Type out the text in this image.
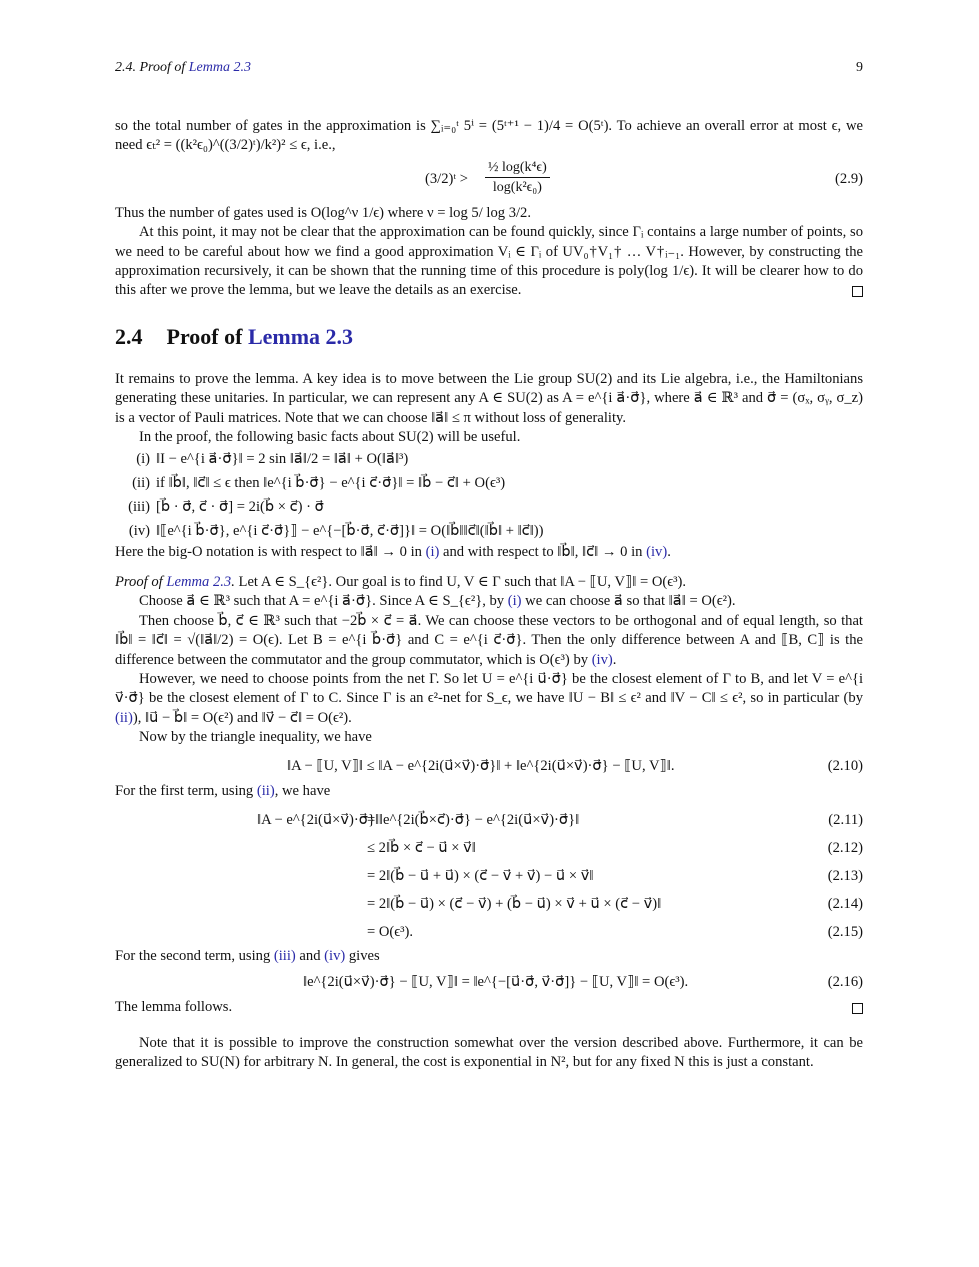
2.4. Proof of Lemma 2.3	9

so the total number of gates in the approximation is ∑ᵢ₌₀ᵗ 5ⁱ = (5ᵗ⁺¹ − 1)/4 = O(5ᵗ). To achieve an overall error at most ϵ, we need ϵₜ² = ((k²ϵ₀)^((3/2)ᵗ)/k²)² ≤ ϵ, i.e.,

(3/2)ᵗ > $\frac{\text{½ log(k⁴ϵ)}}{\text{log(k²ϵ₀)}}$	(2.9)

Thus the number of gates used is O(log^ν 1/ϵ) where ν = log 5/ log 3/2.

At this point, it may not be clear that the approximation can be found quickly, since Γᵢ contains a large number of points, so we need to be careful about how we find a good approximation Vᵢ ∈ Γᵢ of UV₀†V₁† … V†ᵢ₋₁. However, by constructing the approximation recursively, it can be shown that the running time of this procedure is poly(log 1/ϵ). It will be clearer how to do this after we prove the lemma, but we leave the details as an exercise.

2.4 Proof of Lemma 2.3

It remains to prove the lemma. A key idea is to move between the Lie group SU(2) and its Lie algebra, i.e., the Hamiltonians generating these unitaries. In particular, we can represent any A ∈ SU(2) as A = e^{i a⃗·σ⃗}, where a⃗ ∈ ℝ³ and σ⃗ = (σₓ, σᵧ, σ_z) is a vector of Pauli matrices. Note that we can choose ‖a⃗‖ ≤ π without loss of generality.

In the proof, the following basic facts about SU(2) will be useful.

(i) ‖I − e^{i a⃗·σ⃗}‖ = 2 sin ‖a⃗‖/2 = ‖a⃗‖ + O(‖a⃗‖³)
(ii) if ‖b⃗‖, ‖c⃗‖ ≤ ϵ then ‖e^{i b⃗·σ⃗} − e^{i c⃗·σ⃗}‖ = ‖b⃗ − c⃗‖ + O(ϵ³)
(iii) [b⃗ · σ⃗, c⃗ · σ⃗] = 2i(b⃗ × c⃗) · σ⃗
(iv) ‖⟦e^{i b⃗·σ⃗}, e^{i c⃗·σ⃗}⟧ − e^{−[b⃗·σ⃗, c⃗·σ⃗]}‖ = O(‖b⃗‖‖c⃗‖(‖b⃗‖ + ‖c⃗‖))

Here the big-O notation is with respect to ‖a⃗‖ → 0 in (i) and with respect to ‖b⃗‖, ‖c⃗‖ → 0 in (iv).

Proof of Lemma 2.3. Let A ∈ S_{ϵ²}. Our goal is to find U, V ∈ Γ such that ‖A − ⟦U, V⟧‖ = O(ϵ³).

Choose a⃗ ∈ ℝ³ such that A = e^{i a⃗·σ⃗}. Since A ∈ S_{ϵ²}, by (i) we can choose a⃗ so that ‖a⃗‖ = O(ϵ²).

Then choose b⃗, c⃗ ∈ ℝ³ such that −2b⃗ × c⃗ = a⃗. We can choose these vectors to be orthogonal and of equal length, so that ‖b⃗‖ = ‖c⃗‖ = √(‖a⃗‖/2) = O(ϵ). Let B = e^{i b⃗·σ⃗} and C = e^{i c⃗·σ⃗}. Then the only difference between A and ⟦B, C⟧ is the difference between the commutator and the group commutator, which is O(ϵ³) by (iv).

However, we need to choose points from the net Γ. So let U = e^{i u⃗·σ⃗} be the closest element of Γ to B, and let V = e^{i v⃗·σ⃗} be the closest element of Γ to C. Since Γ is an ϵ²-net for S_ϵ, we have ‖U − B‖ ≤ ϵ² and ‖V − C‖ ≤ ϵ², so in particular (by (ii)), ‖u⃗ − b⃗‖ = O(ϵ²) and ‖v⃗ − c⃗‖ = O(ϵ²).

Now by the triangle inequality, we have

‖A − ⟦U, V⟧‖ ≤ ‖A − e^{2i(u⃗×v⃗)·σ⃗}‖ + ‖e^{2i(u⃗×v⃗)·σ⃗} − ⟦U, V⟧‖.	(2.10)

For the first term, using (ii), we have

‖A − e^{2i(u⃗×v⃗)·σ⃗}‖
= ‖e^{2i(b⃗×c⃗)·σ⃗} − e^{2i(u⃗×v⃗)·σ⃗}‖	(2.11)
≤ 2‖b⃗ × c⃗ − u⃗ × v⃗‖	(2.12)
= 2‖(b⃗ − u⃗ + u⃗) × (c⃗ − v⃗ + v⃗) − u⃗ × v⃗‖	(2.13)
= 2‖(b⃗ − u⃗) × (c⃗ − v⃗) + (b⃗ − u⃗) × v⃗ + u⃗ × (c⃗ − v⃗)‖	(2.14)
= O(ϵ³).	(2.15)

For the second term, using (iii) and (iv) gives

‖e^{2i(u⃗×v⃗)·σ⃗} − ⟦U, V⟧‖ = ‖e^{−[u⃗·σ⃗, v⃗·σ⃗]} − ⟦U, V⟧‖ = O(ϵ³).	(2.16)

The lemma follows.

Note that it is possible to improve the construction somewhat over the version described above. Furthermore, it can be generalized to SU(N) for arbitrary N. In general, the cost is exponential in N², but for any fixed N this is just a constant.
